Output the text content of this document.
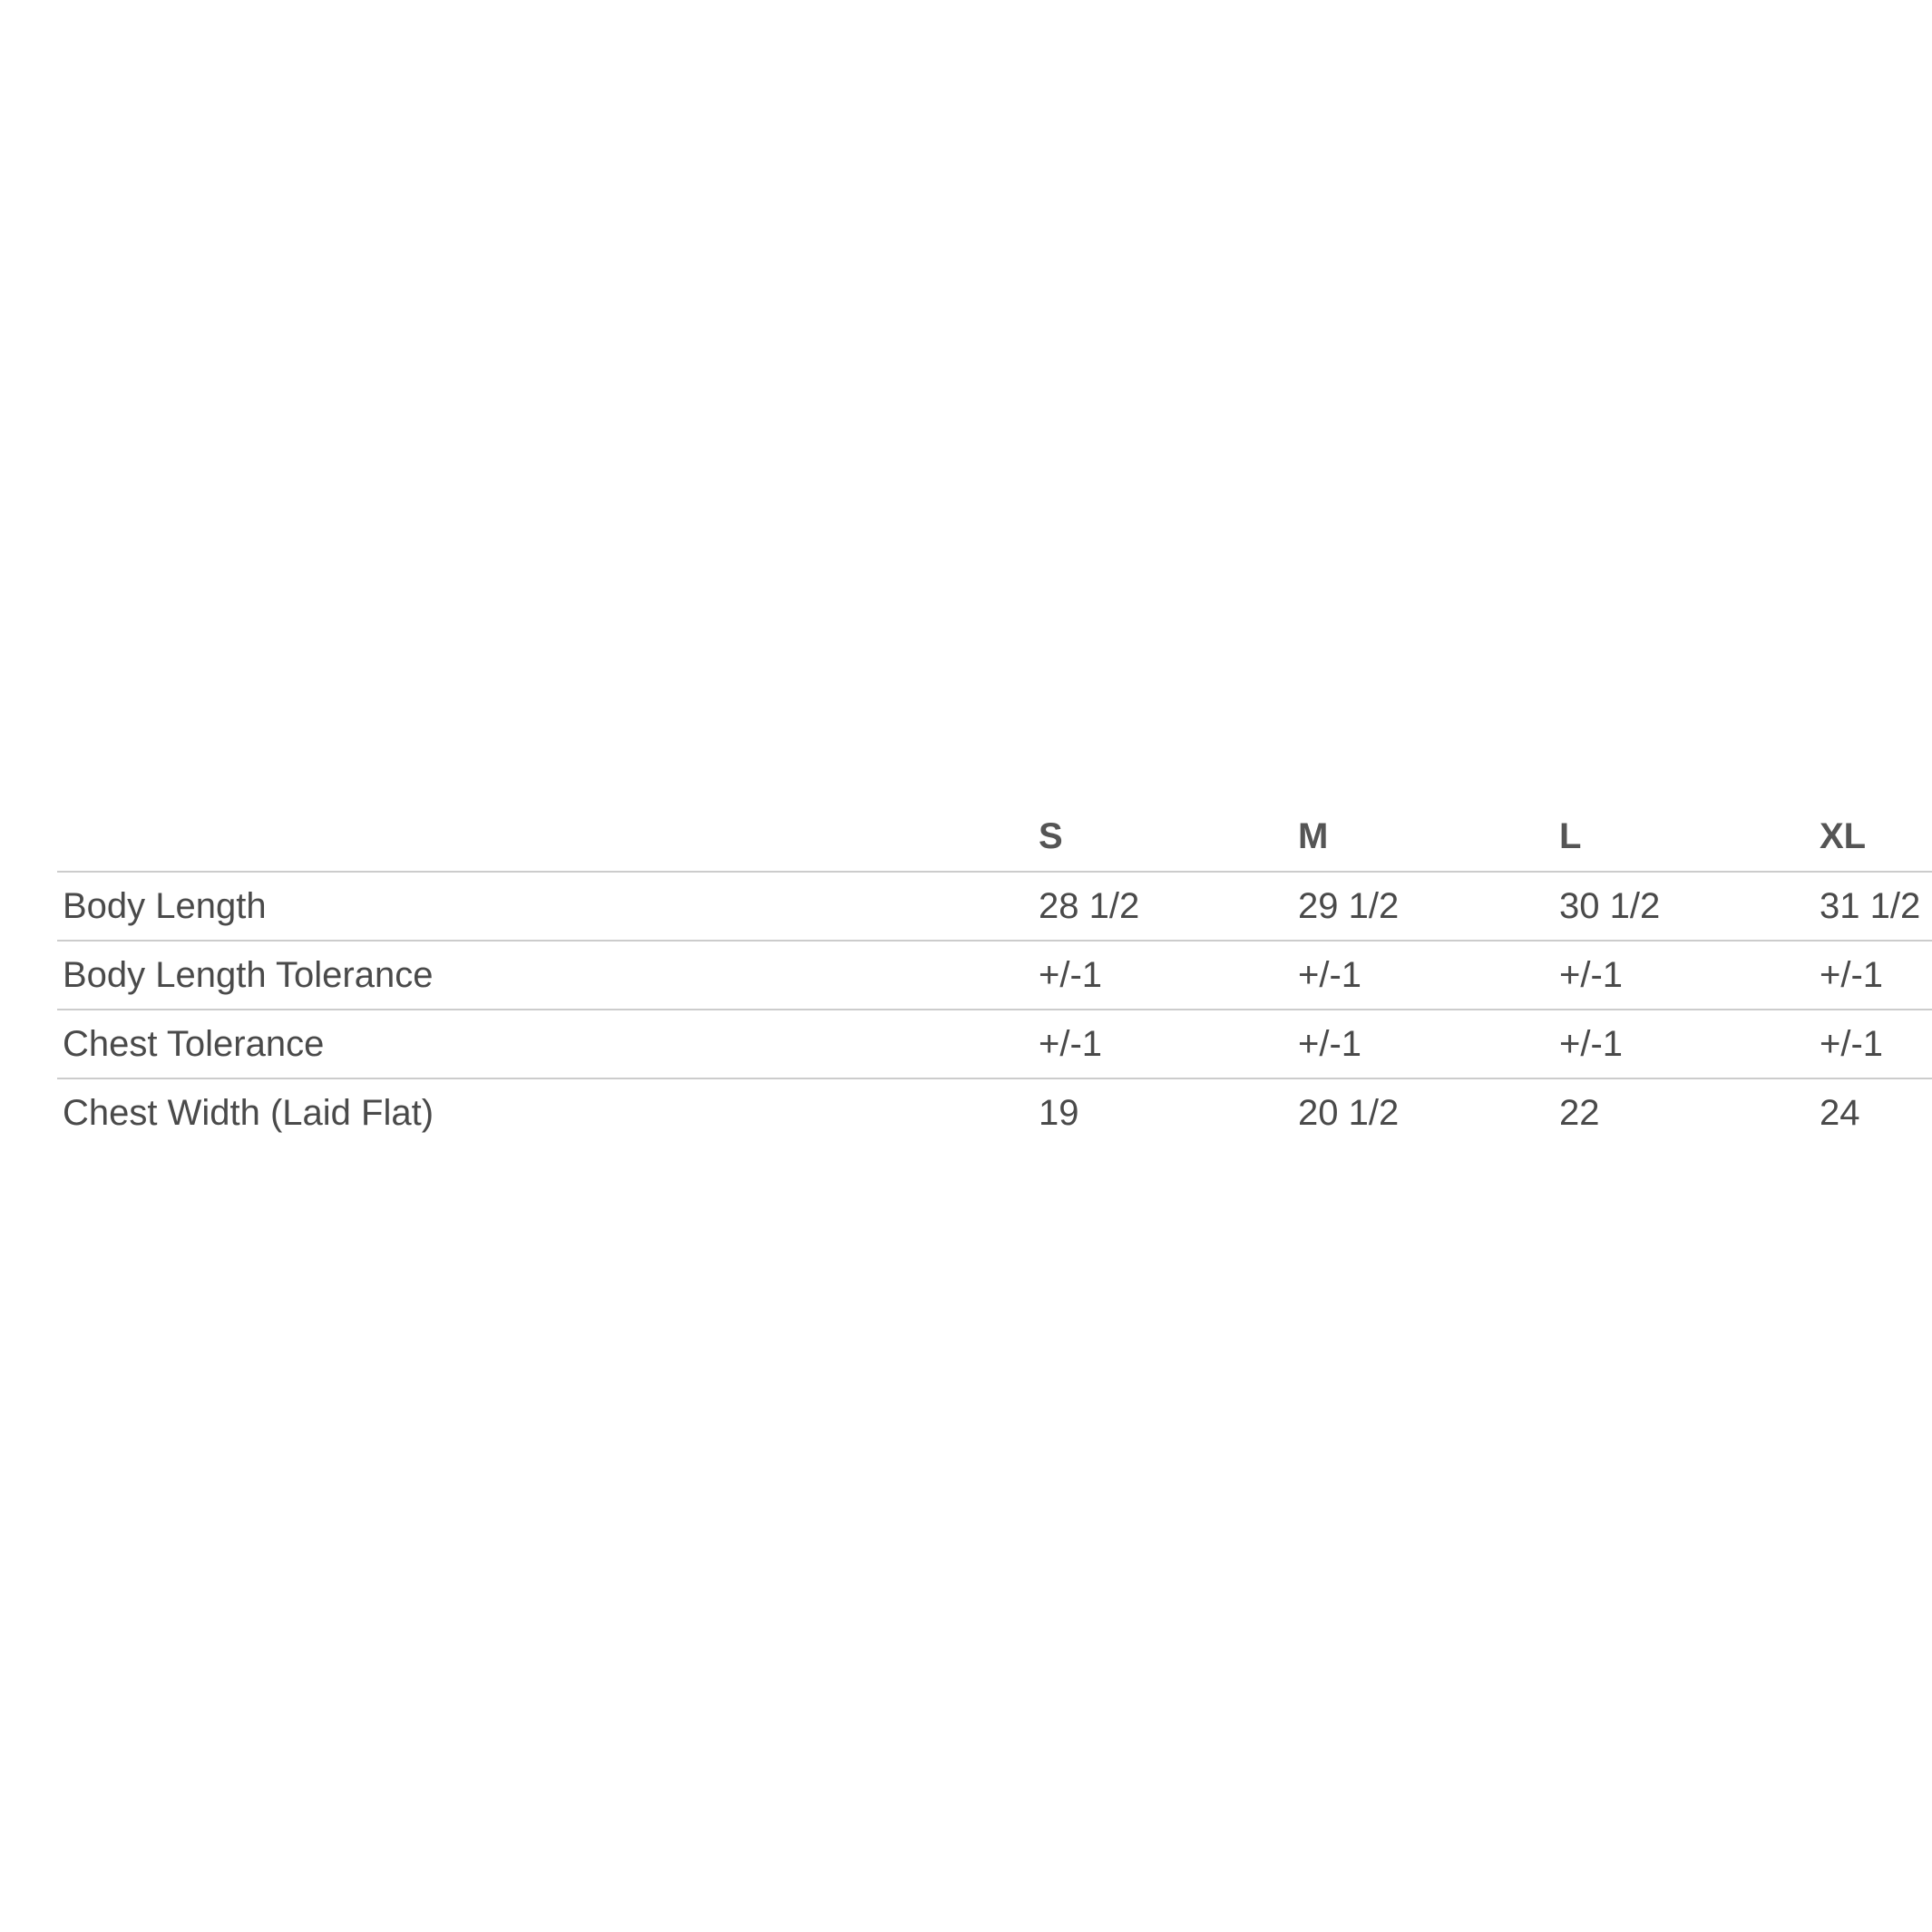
	S	M	L	XL
Body Length	28 1/2	29 1/2	30 1/2	31 1/2
Body Length Tolerance	+/-1	+/-1	+/-1	+/-1
Chest Tolerance	+/-1	+/-1	+/-1	+/-1
Chest Width (Laid Flat)	19	20 1/2	22	24
